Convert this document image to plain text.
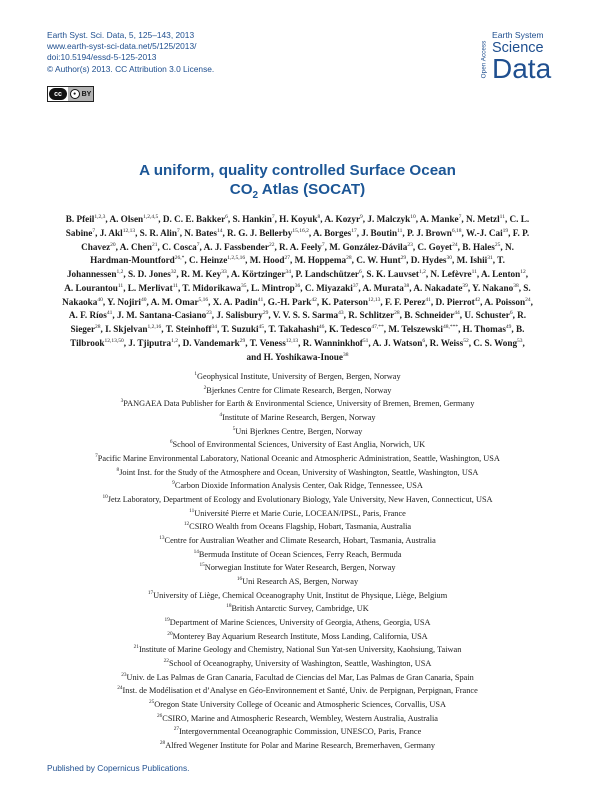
Earth Syst. Sci. Data, 5, 125–143, 2013
www.earth-syst-sci-data.net/5/125/2013/
doi:10.5194/essd-5-125-2013
© Author(s) 2013. CC Attribution 3.0 License.
cc	● BY
Open Access
Earth System
Science
Data
A uniform, quality controlled Surface Ocean
$CO_2$ Atlas (SOCAT)
B. Pfeil$^{1,2,3}$, A. Olsen$^{1,2,4,5}$, D. C. E. Bakker$^6$, S. Hankin$^7$, H. Koyuk$^8$, A. Kozyr$^9$, J. Malczyk$^{10}$, A. Manke$^7$, N. Metzl$^{11}$, C. L. Sabine$^7$, J. Akl$^{12,13}$, S. R. Alin$^7$, N. Bates$^{14}$, R. G. J. Bellerby$^{15,16,2}$, A. Borges$^{17}$, J. Boutin$^{11}$, P. J. Brown$^{6,18}$, W.-J. Cai$^{19}$, F. P. Chavez$^{20}$, A. Chen$^{21}$, C. Cosca$^7$, A. J. Fassbender$^{22}$, R. A. Feely$^7$, M. González-Dávila$^{23}$, C. Goyet$^{24}$, B. Hales$^{25}$, N. Hardman-Mountford$^{26,*}$, C. Heinze$^{1,2,5,16}$, M. Hood$^{27}$, M. Hoppema$^{28}$, C. W. Hunt$^{29}$, D. Hydes$^{30}$, M. Ishii$^{31}$, T. Johannessen$^{1,2}$, S. D. Jones$^{32}$, R. M. Key$^{33}$, A. Körtzinger$^{34}$, P. Landschützer$^6$, S. K. Lauvset$^{1,2}$, N. Lefèvre$^{11}$, A. Lenton$^{12}$, A. Lourantou$^{11}$, L. Merlivat$^{11}$, T. Midorikawa$^{35}$, L. Mintrop$^{36}$, C. Miyazaki$^{37}$, A. Murata$^{38}$, A. Nakadate$^{39}$, Y. Nakano$^{38}$, S. Nakaoka$^{40}$, Y. Nojiri$^{40}$, A. M. Omar$^{5,16}$, X. A. Padin$^{41}$, G.-H. Park$^{42}$, K. Paterson$^{12,13}$, F. F. Perez$^{41}$, D. Pierrot$^{42}$, A. Poisson$^{24}$, A. F. Ríos$^{41}$, J. M. Santana-Casiano$^{23}$, J. Salisbury$^{29}$, V. V. S. S. Sarma$^{43}$, R. Schlitzer$^{28}$, B. Schneider$^{44}$, U. Schuster$^6$, R. Sieger$^{28}$, I. Skjelvan$^{1,2,16}$, T. Steinhoff$^{34}$, T. Suzuki$^{45}$, T. Takahashi$^{46}$, K. Tedesco$^{47,**}$, M. Telszewski$^{48,***}$, H. Thomas$^{49}$, B. Tilbrook$^{12,13,50}$, J. Tjiputra$^{1,2}$, D. Vandemark$^{29}$, T. Veness$^{12,13}$, R. Wanninkhof$^{51}$, A. J. Watson$^6$, R. Weiss$^{52}$, C. S. Wong$^{53}$, and H. Yoshikawa-Inoue$^{38}$
$^1$Geophysical Institute, University of Bergen, Bergen, Norway
$^2$Bjerknes Centre for Climate Research, Bergen, Norway
$^3$PANGAEA Data Publisher for Earth & Environmental Science, University of Bremen, Bremen, Germany
$^4$Institute of Marine Research, Bergen, Norway
$^5$Uni Bjerknes Centre, Bergen, Norway
$^6$School of Environmental Sciences, University of East Anglia, Norwich, UK
$^7$Pacific Marine Environmental Laboratory, National Oceanic and Atmospheric Administration, Seattle, Washington, USA
$^8$Joint Inst. for the Study of the Atmosphere and Ocean, University of Washington, Seattle, Washington, USA
$^9$Carbon Dioxide Information Analysis Center, Oak Ridge, Tennessee, USA
$^{10}$Jetz Laboratory, Department of Ecology and Evolutionary Biology, Yale University, New Haven, Connecticut, USA
$^{11}$Université Pierre et Marie Curie, LOCEAN/IPSL, Paris, France
$^{12}$CSIRO Wealth from Oceans Flagship, Hobart, Tasmania, Australia
$^{13}$Centre for Australian Weather and Climate Research, Hobart, Tasmania, Australia
$^{14}$Bermuda Institute of Ocean Sciences, Ferry Reach, Bermuda
$^{15}$Norwegian Institute for Water Research, Bergen, Norway
$^{16}$Uni Research AS, Bergen, Norway
$^{17}$University of Liège, Chemical Oceanography Unit, Institut de Physique, Liège, Belgium
$^{18}$British Antarctic Survey, Cambridge, UK
$^{19}$Department of Marine Sciences, University of Georgia, Athens, Georgia, USA
$^{20}$Monterey Bay Aquarium Research Institute, Moss Landing, California, USA
$^{21}$Institute of Marine Geology and Chemistry, National Sun Yat-sen University, Kaohsiung, Taiwan
$^{22}$School of Oceanography, University of Washington, Seattle, Washington, USA
$^{23}$Univ. de Las Palmas de Gran Canaria, Facultad de Ciencias del Mar, Las Palmas de Gran Canaria, Spain
$^{24}$Inst. de Modélisation et d’Analyse en Géo-Environnement et Santé, Univ. de Perpignan, Perpignan, France
$^{25}$Oregon State University College of Oceanic and Atmospheric Sciences, Corvallis, USA
$^{26}$CSIRO, Marine and Atmospheric Research, Wembley, Western Australia, Australia
$^{27}$Intergovernmental Oceanographic Commission, UNESCO, Paris, France
$^{28}$Alfred Wegener Institute for Polar and Marine Research, Bremerhaven, Germany
Published by Copernicus Publications.
